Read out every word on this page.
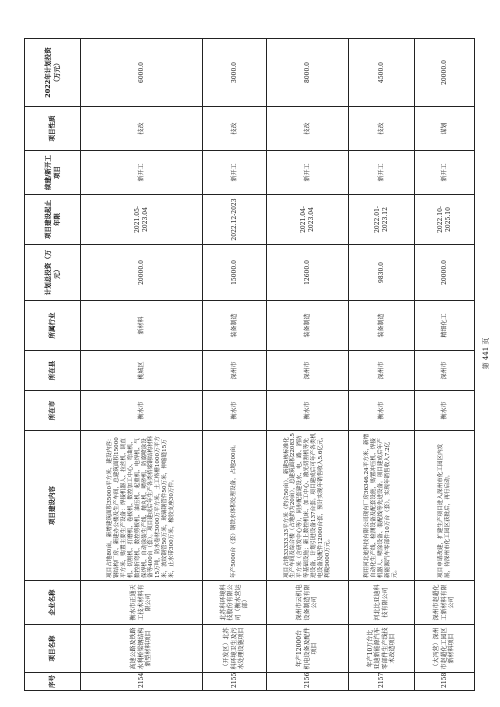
序号	项目名称	企业名称	项目建设内容	所在市	所在县	所属行业	计划总投资（万元）	项目建设起止年限	续建/新开工项目	项目性质	2022年计划投资（万元）
2154	高速公路及铁路水利桥梁钢结构新型材料项目	衡水市正通天工技术材料有限公司	项目占地80亩，新增建筑面积35000平方米，建设内容：钢结构厂房、新建办公楼及生产车间，总建筑面积15000平方米，购置主要生产设备：焊接机器人、拉丝机、调直机、切割机、打磨机、卷板机、数控加工中心、弯曲机、数控折弯机、数控剪板机、油压机、起重机、电焊机、气保焊机、自动涂装生产线、抛丸机、喷砂机、防腐喷涂设备等400台（套）。项目建成后年生产各类桥梁钢结构材料15万吨，防水卷材3000万平方米，土工格栅1000万平方米，波纹钢管50万米，玻璃钢管件50万米，伸缩缝15万米，止水带300万米，橡胶支座30万件。	衡水市	桃城区	新材料	20000.0	2021.05-2023.04	新开工	技改	6000.0
2155	（开发区）北苏科环境卫生及污水处理设施项目	北苏科环境科技股份有限公司（衡水营运部）	年产5000台（套）钢铁水体积处理设备，占地200亩。	衡水市	深州市	装备制造	15000.0	2022.12-2023	新开工	技改	3000.0
2156	年产12000台机电设备及配件项目	深州市云机电设备制造有限公司	项目占地33333.33平方米（约合50亩），新建5栋标准化生产车间及综合楼（占地约为20亩），总建筑面积22083.5平方米（含研发中心等），同步配套建设水、电、路、消防等基础设施；新上数控机床、加工中心、激光切割机等先进设备，计划引进设备137台套。项目建成后可年产各类机电设备及配件12000台套，预计实现年销售收入5.6亿元，利税9000万元。	衡水市	深州市	装备制造	12600.0	2021.04-2023.04	新开工	技改	8000.0
2157	年产10万台比亚迪新能源汽车零部件生产线技术改造项目	河北比亚迪科技有限公司	利用河北迪科技有限公司现有厂房36346.24平方米，新增自动化生产线、检测设备及配套设施，购置冲压机、焊接机器人、喷涂设备、装配线等先进设备。项目建成后年产新能源汽车零部件10万台（套），实现年销售收入7.2亿元。	衡水市	深州市	装备制造	9830.0	2022.01-2023.12	新开工	技改	4500.0
2158	（大冯营）深州市赵超化工园区新材料项目	深州市赵超化工新材料有限公司	项目申请改建，扩建生产项目进入深州市化工园区内发展，待深州市化工园区获批后，再行启动。	衡水市	深州市	精细化工	20000.0	2022.10-2025.10	新开工	谋划	20000.0
第 441 页
